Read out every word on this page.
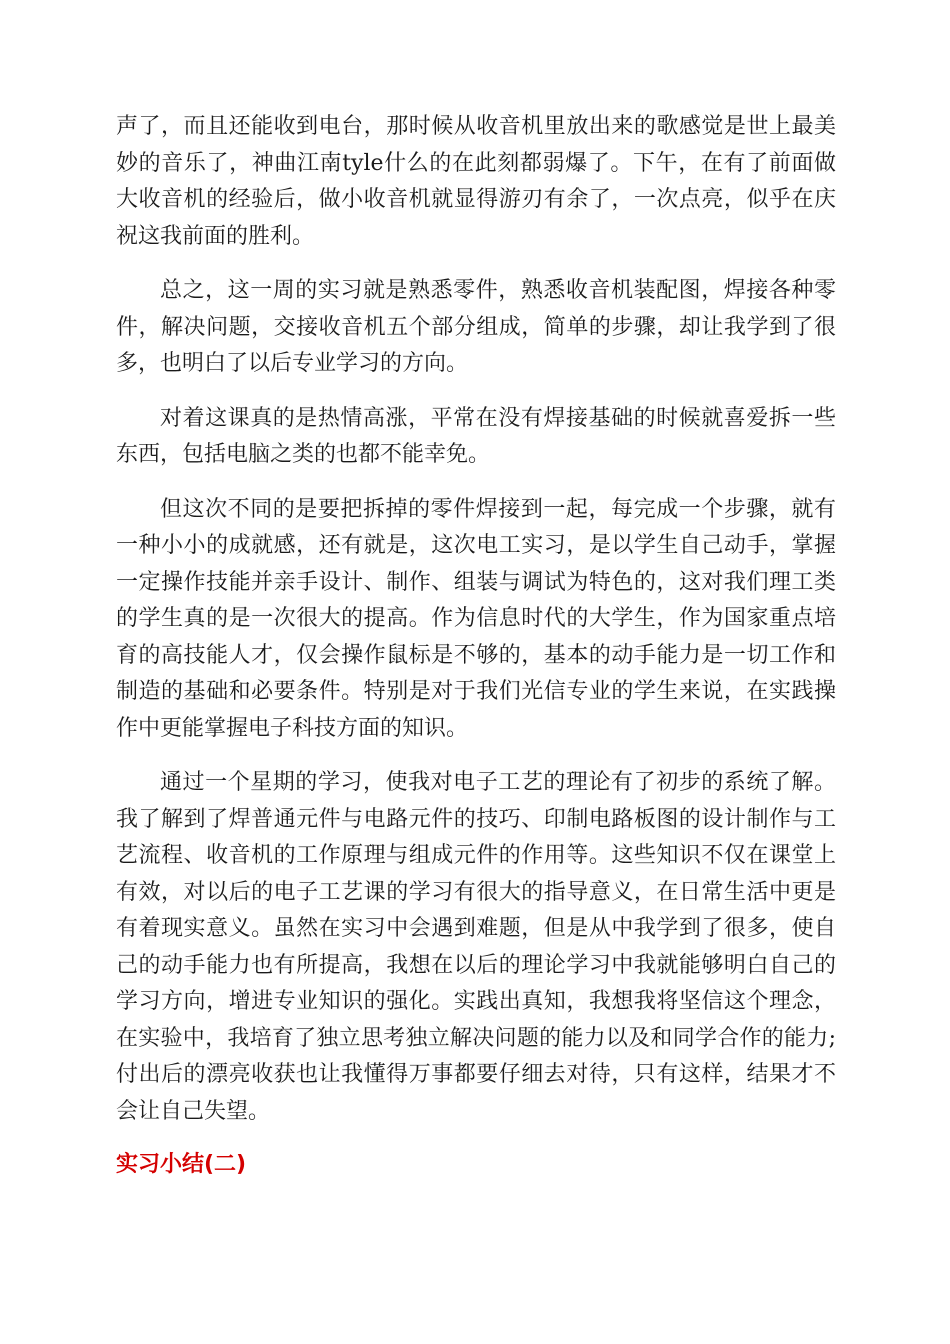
声了，而且还能收到电台，那时候从收音机里放出来的歌感觉是世上最美妙的音乐了，神曲江南tyle什么的在此刻都弱爆了。下午，在有了前面做大收音机的经验后，做小收音机就显得游刃有余了，一次点亮，似乎在庆祝这我前面的胜利。

总之，这一周的实习就是熟悉零件，熟悉收音机装配图，焊接各种零件，解决问题，交接收音机五个部分组成，简单的步骤，却让我学到了很多，也明白了以后专业学习的方向。

对着这课真的是热情高涨，平常在没有焊接基础的时候就喜爱拆一些东西，包括电脑之类的也都不能幸免。

但这次不同的是要把拆掉的零件焊接到一起，每完成一个步骤，就有一种小小的成就感，还有就是，这次电工实习，是以学生自己动手，掌握一定操作技能并亲手设计、制作、组装与调试为特色的，这对我们理工类的学生真的是一次很大的提高。作为信息时代的大学生，作为国家重点培育的高技能人才，仅会操作鼠标是不够的，基本的动手能力是一切工作和制造的基础和必要条件。特别是对于我们光信专业的学生来说，在实践操作中更能掌握电子科技方面的知识。

通过一个星期的学习，使我对电子工艺的理论有了初步的系统了解。我了解到了焊普通元件与电路元件的技巧、印制电路板图的设计制作与工艺流程、收音机的工作原理与组成元件的作用等。这些知识不仅在课堂上有效，对以后的电子工艺课的学习有很大的指导意义，在日常生活中更是有着现实意义。虽然在实习中会遇到难题，但是从中我学到了很多，使自己的动手能力也有所提高，我想在以后的理论学习中我就能够明白自己的学习方向，增进专业知识的强化。实践出真知，我想我将坚信这个理念，在实验中，我培育了独立思考独立解决问题的能力以及和同学合作的能力;付出后的漂亮收获也让我懂得万事都要仔细去对待，只有这样，结果才不会让自己失望。

实习小结(二)
